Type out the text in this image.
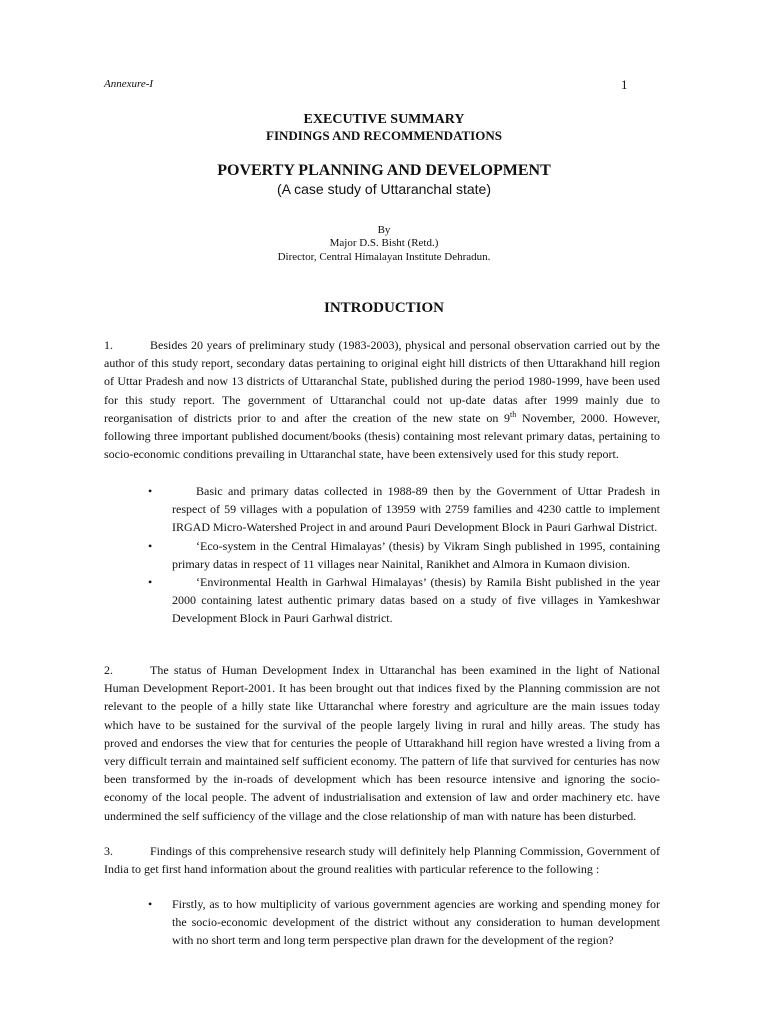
Annexure-I	1
EXECUTIVE SUMMARY
FINDINGS AND RECOMMENDATIONS
POVERTY PLANNING AND DEVELOPMENT
(A case study of Uttaranchal state)
By
Major D.S. Bisht (Retd.)
Director, Central Himalayan Institute Dehradun.
INTRODUCTION
1.	Besides 20 years of preliminary study (1983-2003), physical and personal observation carried out by the author of this study report, secondary datas pertaining to original eight hill districts of then Uttarakhand hill region of Uttar Pradesh and now 13 districts of Uttaranchal State, published during the period 1980-1999, have been used for this study report. The government of Uttaranchal could not up-date datas after 1999 mainly due to reorganisation of districts prior to and after the creation of the new state on 9th November, 2000. However, following three important published document/books (thesis) containing most relevant primary datas, pertaining to socio-economic conditions prevailing in Uttaranchal state, have been extensively used for this study report.
•	Basic and primary datas collected in 1988-89 then by the Government of Uttar Pradesh in respect of 59 villages with a population of 13959 with 2759 families and 4230 cattle to implement IRGAD Micro-Watershed Project in and around Pauri Development Block in Pauri Garhwal District.
•	‘Eco-system in the Central Himalayas’ (thesis) by Vikram Singh published in 1995, containing primary datas in respect of 11 villages near Nainital, Ranikhet and Almora in Kumaon division.
•	‘Environmental Health in Garhwal Himalayas’ (thesis) by Ramila Bisht published in the year 2000 containing latest authentic primary datas based on a study of five villages in Yamkeshwar Development Block in Pauri Garhwal district.
2.	The status of Human Development Index in Uttaranchal has been examined in the light of National Human Development Report-2001. It has been brought out that indices fixed by the Planning commission are not relevant to the people of a hilly state like Uttaranchal where forestry and agriculture are the main issues today which have to be sustained for the survival of the people largely living in rural and hilly areas. The study has proved and endorses the view that for centuries the people of Uttarakhand hill region have wrested a living from a very difficult terrain and maintained self sufficient economy. The pattern of life that survived for centuries has now been transformed by the in-roads of development which has been resource intensive and ignoring the socio-economy of the local people. The advent of industrialisation and extension of law and order machinery etc. have undermined the self sufficiency of the village and the close relationship of man with nature has been disturbed.
3.	Findings of this comprehensive research study will definitely help Planning Commission, Government of India to get first hand information about the ground realities with particular reference to the following :
• Firstly, as to how multiplicity of various government agencies are working and spending money for the socio-economic development of the district without any consideration to human development with no short term and long term perspective plan drawn for the development of the region?
